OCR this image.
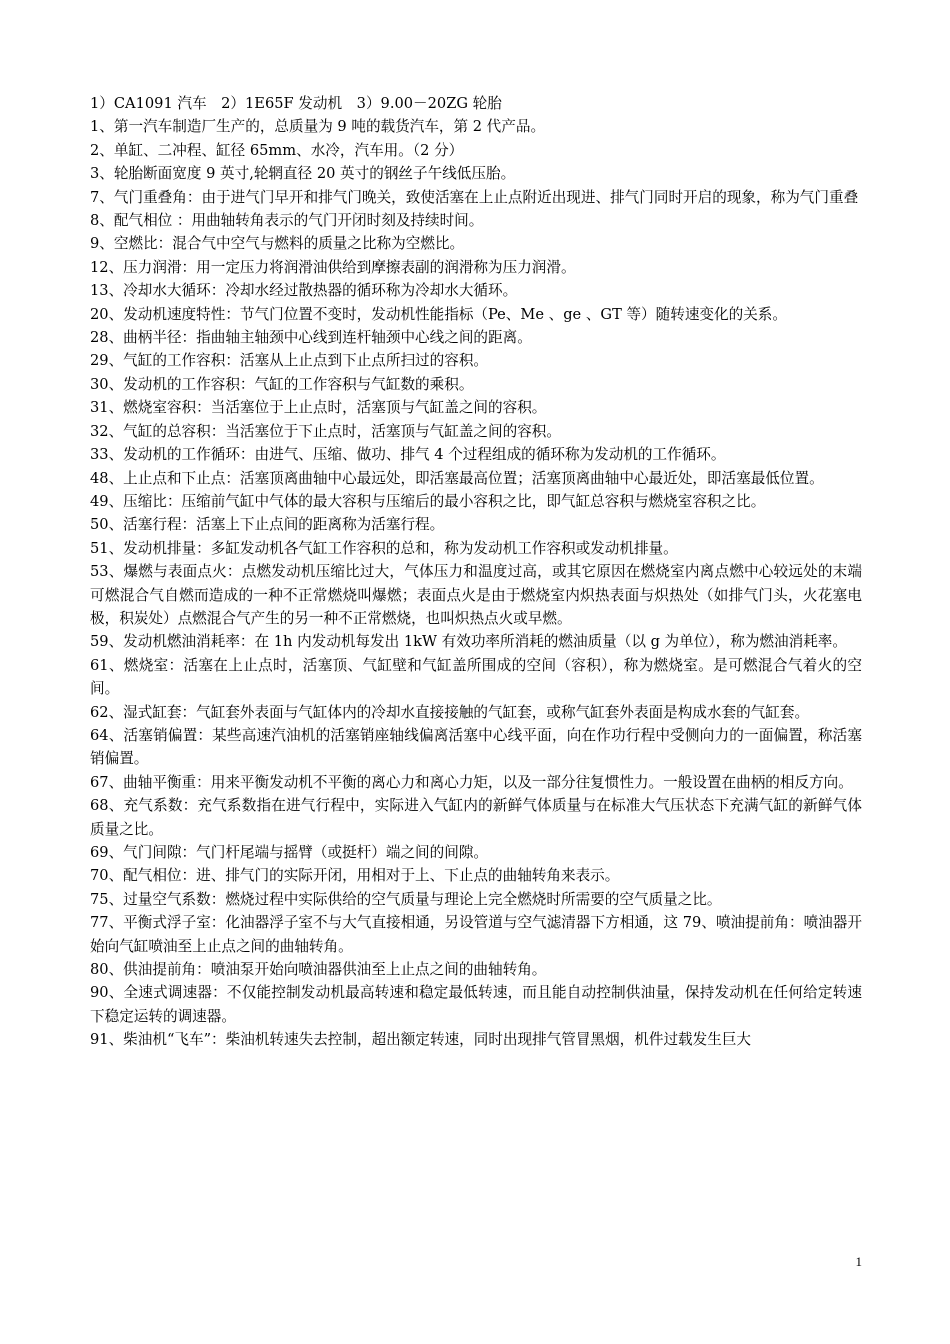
1）CA1091 汽车　2）1E65F 发动机　3）9.00－20ZG 轮胎

1、第一汽车制造厂生产的，总质量为 9 吨的载货汽车，第 2 代产品。

2、单缸、二冲程、缸径 65mm、水冷，汽车用。（2 分）

3、轮胎断面宽度 9 英寸,轮辋直径 20 英寸的钢丝子午线低压胎。

7、气门重叠角：由于进气门早开和排气门晚关，致使活塞在上止点附近出现进、排气门同时开启的现象，称为气门重叠

8、配气相位 ：用曲轴转角表示的气门开闭时刻及持续时间。

9、空燃比：混合气中空气与燃料的质量之比称为空燃比。

12、压力润滑：用一定压力将润滑油供给到摩擦表副的润滑称为压力润滑。

13、冷却水大循环：冷却水经过散热器的循环称为冷却水大循环。

20、发动机速度特性：节气门位置不变时，发动机性能指标（Pe、Me 、ge 、GT 等）随转速变化的关系。

28、曲柄半径：指曲轴主轴颈中心线到连杆轴颈中心线之间的距离。

29、气缸的工作容积：活塞从上止点到下止点所扫过的容积。

30、发动机的工作容积：气缸的工作容积与气缸数的乘积。

31、燃烧室容积：当活塞位于上止点时，活塞顶与气缸盖之间的容积。

32、气缸的总容积：当活塞位于下止点时，活塞顶与气缸盖之间的容积。

33、发动机的工作循环：由进气、压缩、做功、排气 4 个过程组成的循环称为发动机的工作循环。

48、上止点和下止点：活塞顶离曲轴中心最远处，即活塞最高位置；活塞顶离曲轴中心最近处，即活塞最低位置。

49、压缩比：压缩前气缸中气体的最大容积与压缩后的最小容积之比，即气缸总容积与燃烧室容积之比。

50、活塞行程：活塞上下止点间的距离称为活塞行程。

51、发动机排量：多缸发动机各气缸工作容积的总和，称为发动机工作容积或发动机排量。

53、爆燃与表面点火：点燃发动机压缩比过大，气体压力和温度过高，或其它原因在燃烧室内离点燃中心较远处的末端可燃混合气自燃而造成的一种不正常燃烧叫爆燃；表面点火是由于燃烧室内炽热表面与炽热处（如排气门头，火花塞电极，积炭处）点燃混合气产生的另一种不正常燃烧，也叫炽热点火或早燃。

59、发动机燃油消耗率：在 1h 内发动机每发出 1kW 有效功率所消耗的燃油质量（以 g 为单位），称为燃油消耗率。

61、燃烧室：活塞在上止点时，活塞顶、气缸壁和气缸盖所围成的空间（容积），称为燃烧室。是可燃混合气着火的空间。

62、湿式缸套：气缸套外表面与气缸体内的冷却水直接接触的气缸套，或称气缸套外表面是构成水套的气缸套。

64、活塞销偏置：某些高速汽油机的活塞销座轴线偏离活塞中心线平面，向在作功行程中受侧向力的一面偏置，称活塞销偏置。

67、曲轴平衡重：用来平衡发动机不平衡的离心力和离心力矩，以及一部分往复惯性力。一般设置在曲柄的相反方向。

68、充气系数：充气系数指在进气行程中，实际进入气缸内的新鲜气体质量与在标准大气压状态下充满气缸的新鲜气体质量之比。

69、气门间隙：气门杆尾端与摇臂（或挺杆）端之间的间隙。

70、配气相位：进、排气门的实际开闭，用相对于上、下止点的曲轴转角来表示。

75、过量空气系数：燃烧过程中实际供给的空气质量与理论上完全燃烧时所需要的空气质量之比。

77、平衡式浮子室：化油器浮子室不与大气直接相通，另设管道与空气滤清器下方相通，这 79、喷油提前角：喷油器开始向气缸喷油至上止点之间的曲轴转角。

80、供油提前角：喷油泵开始向喷油器供油至上止点之间的曲轴转角。

90、全速式调速器：不仅能控制发动机最高转速和稳定最低转速，而且能自动控制供油量，保持发动机在任何给定转速下稳定运转的调速器。

91、柴油机“飞车”：柴油机转速失去控制，超出额定转速，同时出现排气管冒黑烟，机件过载发生巨大

1
